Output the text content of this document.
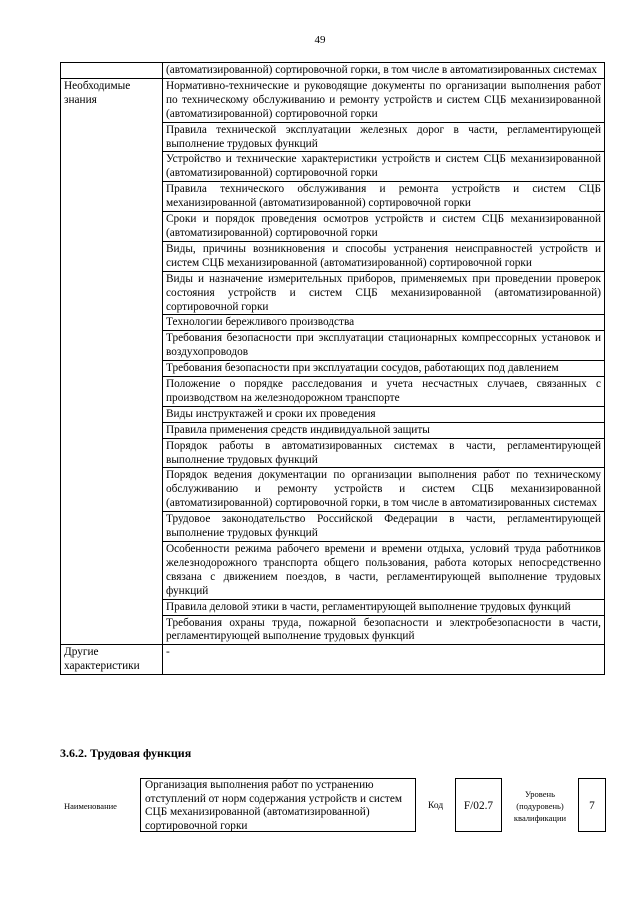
49
	(автоматизированной) сортировочной горки, в том числе в автоматизированных системах
Необходимые знания	Нормативно-технические и руководящие документы по организации выполнения работ по техническому обслуживанию и ремонту устройств и систем СЦБ механизированной (автоматизированной) сортировочной горки
	Правила технической эксплуатации железных дорог в части, регламентирующей выполнение трудовых функций
	Устройство и технические характеристики устройств и систем СЦБ механизированной (автоматизированной) сортировочной горки
	Правила технического обслуживания и ремонта устройств и систем СЦБ механизированной (автоматизированной) сортировочной горки
	Сроки и порядок проведения осмотров устройств и систем СЦБ механизированной (автоматизированной) сортировочной горки
	Виды, причины возникновения и способы устранения неисправностей устройств и систем СЦБ механизированной (автоматизированной) сортировочной горки
	Виды и назначение измерительных приборов, применяемых при проведении проверок состояния устройств и систем СЦБ механизированной (автоматизированной) сортировочной горки
	Технологии бережливого производства
	Требования безопасности при эксплуатации стационарных компрессорных установок и воздухопроводов
	Требования безопасности при эксплуатации сосудов, работающих под давлением
	Положение о порядке расследования и учета несчастных случаев, связанных с производством на железнодорожном транспорте
	Виды инструктажей и сроки их проведения
	Правила применения средств индивидуальной защиты
	Порядок работы в автоматизированных системах в части, регламентирующей выполнение трудовых функций
	Порядок ведения документации по организации выполнения работ по техническому обслуживанию и ремонту устройств и систем СЦБ механизированной (автоматизированной) сортировочной горки, в том числе в автоматизированных системах
	Трудовое законодательство Российской Федерации в части, регламентирующей выполнение трудовых функций
	Особенности режима рабочего времени и времени отдыха, условий труда работников железнодорожного транспорта общего пользования, работа которых непосредственно связана с движением поездов, в части, регламентирующей выполнение трудовых функций
	Правила деловой этики в части, регламентирующей выполнение трудовых функций
	Требования охраны труда, пожарной безопасности и электробезопасности в части, регламентирующей выполнение трудовых функций
Другие характеристики	-
3.6.2. Трудовая функция
Наименование
Организация выполнения работ по устранению отступлений от норм содержания устройств и систем СЦБ механизированной (автоматизированной) сортировочной горки
Код	F/02.7
Уровень (подуровень) квалификации
7
